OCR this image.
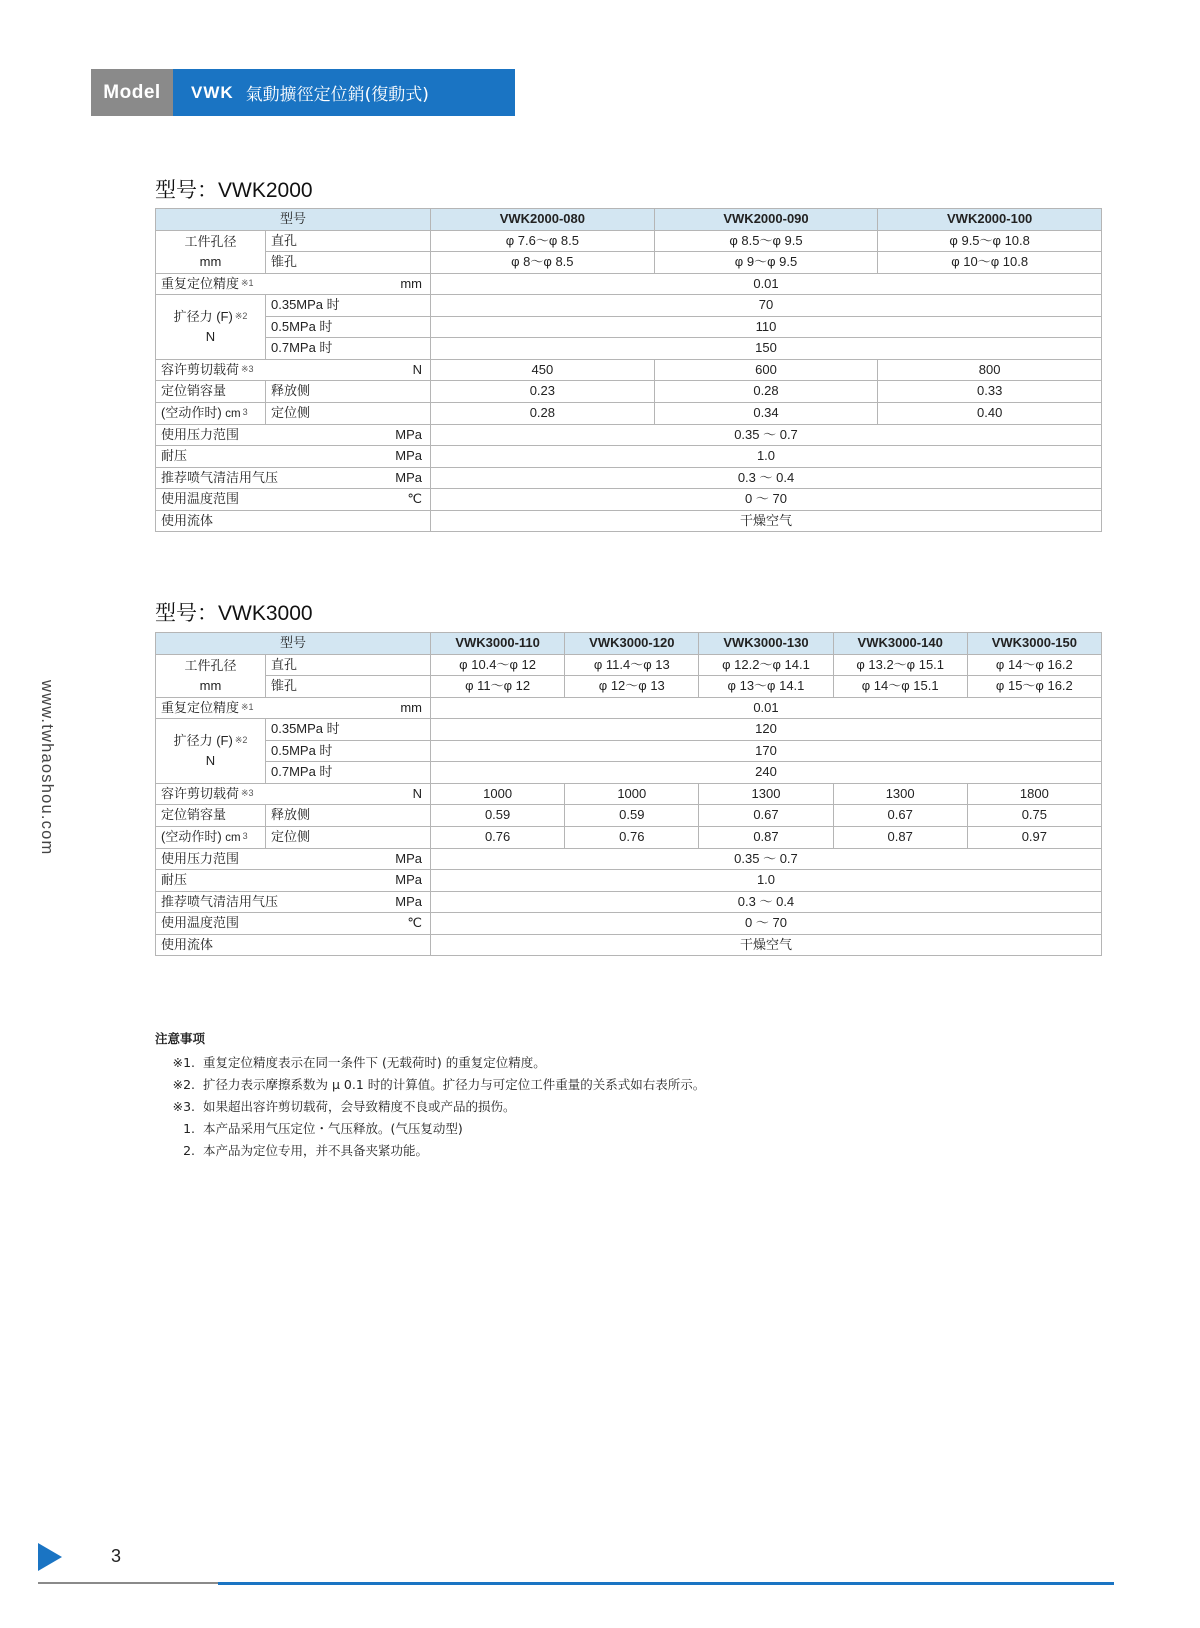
Model	VWK 氣動擴徑定位銷(復動式)
www.twhaoshou.com
型号：VWK2000
型号		VWK2000-080	VWK2000-090	VWK2000-100

工件孔径
mm	直孔	φ 7.6～φ 8.5	φ 8.5～φ 9.5	φ 9.5～φ 10.8
	锥孔	φ 8～φ 8.5	φ 9～φ 9.5	φ 10～φ 10.8
重复定位精度 $^{※1}$ mm		0.01		

扩径力 (F) $^{※2}$
N	0.35MPa 时	70		
	0.5MPa 时	110		
	0.7MPa 时	150		
容许剪切载荷 $^{※3}$ N		450	600	800
定位销容量	释放侧	0.23	0.28	0.33
(空动作时) cm $^3$	定位侧	0.28	0.34	0.40
使用压力范围 MPa		0.35 ～ 0.7		
耐压 MPa		1.0		
推荐喷气清洁用气压 MPa		0.3 ～ 0.4		
使用温度范围 ℃		0 ～ 70		
使用流体		干燥空气		
型号：VWK3000
型号		VWK3000-110	VWK3000-120	VWK3000-130	VWK3000-140	VWK3000-150

工件孔径
mm	直孔	φ 10.4～φ 12	φ 11.4～φ 13	φ 12.2～φ 14.1	φ 13.2～φ 15.1	φ 14～φ 16.2
	锥孔	φ 11～φ 12	φ 12～φ 13	φ 13～φ 14.1	φ 14～φ 15.1	φ 15～φ 16.2
重复定位精度 $^{※1}$ mm		0.01				

扩径力 (F) $^{※2}$
N	0.35MPa 时	120				
	0.5MPa 时	170				
	0.7MPa 时	240				
容许剪切载荷 $^{※3}$ N		1000	1000	1300	1300	1800
定位销容量	释放侧	0.59	0.59	0.67	0.67	0.75
(空动作时) cm $^3$	定位侧	0.76	0.76	0.87	0.87	0.97
使用压力范围 MPa		0.35 ～ 0.7				
耐压 MPa		1.0				
推荐喷气清洁用气压 MPa		0.3 ～ 0.4				
使用温度范围 ℃		0 ～ 70				
使用流体		干燥空气				
注意事项
※1. 重复定位精度表示在同一条件下 (无载荷时) 的重复定位精度。
※2. 扩径力表示摩擦系数为 μ 0.1 时的计算值。扩径力与可定位工件重量的关系式如右表所示。
※3. 如果超出容许剪切载荷，会导致精度不良或产品的损伤。
1. 本产品采用气压定位・气压释放。(气压复动型)
2. 本产品为定位专用，并不具备夹紧功能。
3
